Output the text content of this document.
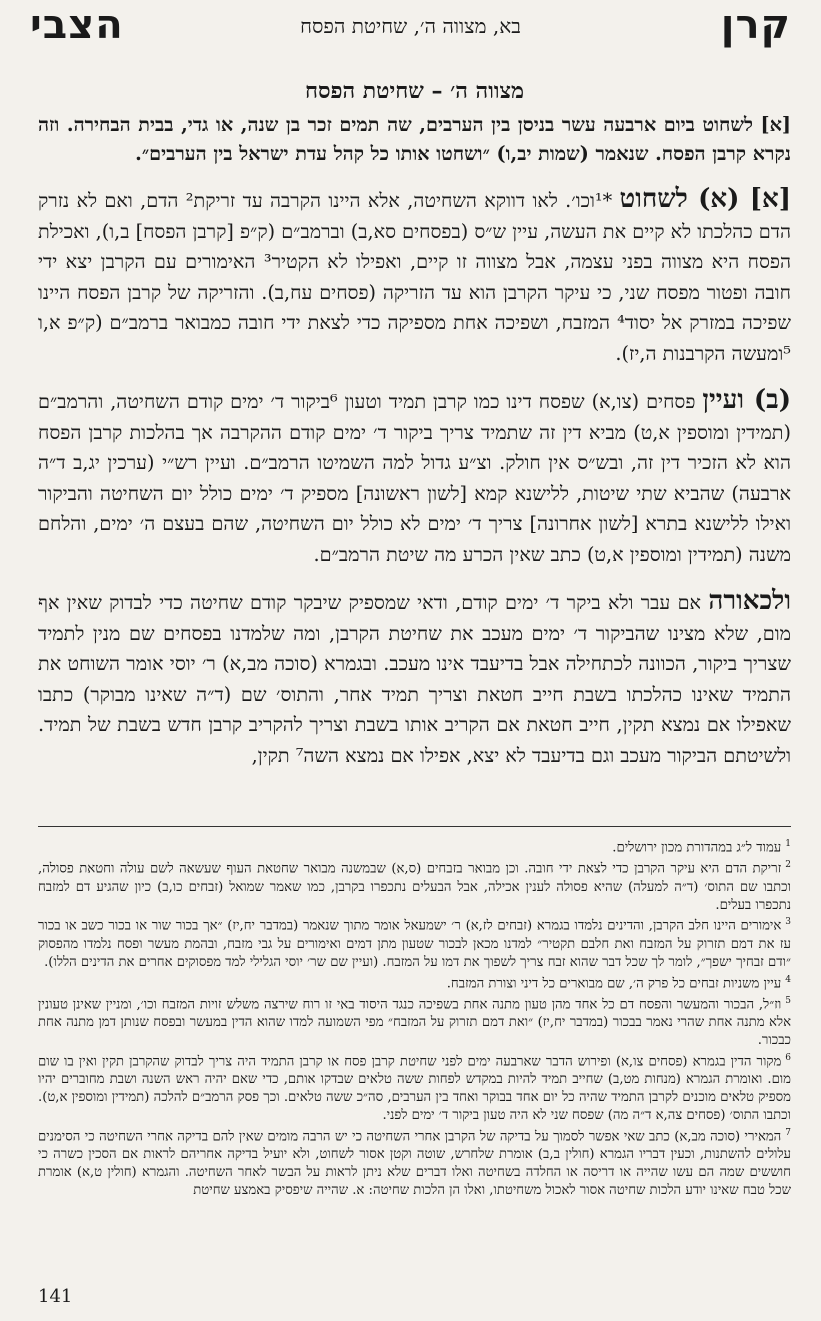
קרן
בא, מצווה ה׳, שחיטת הפסח
הצבי
מצווה ה׳ – שחיטת הפסח

[א] לשחוט ביום ארבעה עשר בניסן בין הערבים, שה תמים זכר בן שנה, או גדי, בבית הבחירה. וזה נקרא קרבן הפסח. שנאמר (שמות יב,ו) ״ושחטו אותו כל קהל עדת ישראל בין הערבים״.

[א] (א) לשחוט *¹וכו׳. לאו דווקא השחיטה, אלא היינו הקרבה עד זריקת² הדם, ואם לא נזרק הדם כהלכתו לא קיים את העשה, עיין ש״ס (בפסחים סא,ב) וברמב״ם (ק״פ [קרבן הפסח] ב,ו), ואכילת הפסח היא מצווה בפני עצמה, אבל מצווה זו קיים, ואפילו לא הקטיר³ האימורים עם הקרבן יצא ידי חובה ופטור מפסח שני, כי עיקר הקרבן הוא עד הזריקה (פסחים עח,ב). והזריקה של קרבן הפסח היינו שפיכה במזרק אל יסוד⁴ המזבח, ושפיכה אחת מספיקה כדי לצאת ידי חובה כמבואר ברמב״ם (ק״פ א,ו ⁵ומעשה הקרבנות ה,יז).

(ב) ועיין פסחים (צו,א) שפסח דינו כמו קרבן תמיד וטעון ⁶ביקור ד׳ ימים קודם השחיטה, והרמב״ם (תמידין ומוספין א,ט) מביא דין זה שתמיד צריך ביקור ד׳ ימים קודם ההקרבה אך בהלכות קרבן הפסח הוא לא הזכיר דין זה, ובש״ס אין חולק. וצ״ע גדול למה השמיטו הרמב״ם. ועיין רש״י (ערכין יג,ב ד״ה ארבעה) שהביא שתי שיטות, ללישנא קמא [לשון ראשונה] מספיק ד׳ ימים כולל יום השחיטה והביקור ואילו ללישנא בתרא [לשון אחרונה] צריך ד׳ ימים לא כולל יום השחיטה, שהם בעצם ה׳ ימים, והלחם משנה (תמידין ומוספין א,ט) כתב שאין הכרע מה שיטת הרמב״ם.

ולכאורה אם עבר ולא ביקר ד׳ ימים קודם, ודאי שמספיק שיבקר קודם שחיטה כדי לבדוק שאין אף מום, שלא מצינו שהביקור ד׳ ימים מעכב את שחיטת הקרבן, ומה שלמדנו בפסחים שם מנין לתמיד שצריך ביקור, הכוונה לכתחילה אבל בדיעבד אינו מעכב. ובגמרא (סוכה מב,א) ר׳ יוסי אומר השוחט את התמיד שאינו כהלכתו בשבת חייב חטאת וצריך תמיד אחר, והתוס׳ שם (ד״ה שאינו מבוקר) כתבו שאפילו אם נמצא תקין, חייב חטאת אם הקריב אותו בשבת וצריך להקריב קרבן חדש בשבת של תמיד. ולשיטתם הביקור מעכב וגם בדיעבד לא יצא, אפילו אם נמצא השה⁷ תקין,

$^1$עמוד ל״ג במהדורת מכון ירושלים.

$^2$זריקת הדם היא עיקר הקרבן כדי לצאת ידי חובה. וכן מבואר בזבחים (ס,א) שבמשנה מבואר שחטאת העוף שעשאה לשם עולה וחטאת פסולה, וכתבו שם התוס׳ (ד״ה למעלה) שהיא פסולה לענין אכילה, אבל הבעלים נתכפרו בקרבן, כמו שאמר שמואל (זבחים כו,ב) כיון שהגיע דם למזבח נתכפרו בעלים.

$^3$אימורים היינו חלב הקרבן, והדינים נלמדו בגמרא (זבחים לז,א) ר׳ ישמעאל אומר מתוך שנאמר (במדבר יח,יז) ״אך בכור שור או בכור כשב או בכור עז את דמם תזרוק על המזבח ואת חלבם תקטיר״ למדנו מכאן לבכור שטעון מתן דמים ואימורים על גבי מזבח, ובהמת מעשר ופסח נלמדו מהפסוק ״ודם זבחיך ישפך״, לומר לך שכל דבר שהוא זבח צריך לשפוך את דמו על המזבח. (ועיין שם שר׳ יוסי הגלילי למד מפסוקים אחרים את הדינים הללו).

$^4$עיין משניות זבחים כל פרק ה׳, שם מבוארים כל דיני וצורת המזבח.

$^5$וז״ל, הבכור והמעשר והפסח דם כל אחד מהן טעון מתנה אחת בשפיכה כנגד היסוד באי זו רוח שירצה משלש זויות המזבח וכו׳, ומניין שאינן טעונין אלא מתנה אחת שהרי נאמר בבכור (במדבר יח,יז) ״ואת דמם תזרוק על המזבח״ מפי השמועה למדו שהוא הדין במעשר ובפסח שנותן דמן מתנה אחת כבכור.

$^6$מקור הדין בגמרא (פסחים צו,א) ופירוש הדבר שארבעה ימים לפני שחיטת קרבן פסח או קרבן התמיד היה צריך לבדוק שהקרבן תקין ואין בו שום מום. ואומרת הגמרא (מנחות מט,ב) שחייב תמיד להיות במקדש לפחות ששה טלאים שבדקו אותם, כדי שאם יהיה ראש השנה ושבת מחוברים יהיו מספיק טלאים מוכנים לקרבן התמיד שהיה כל יום אחד בבוקר ואחד בין הערבים, סה״כ ששה טלאים. וכך פסק הרמב״ם להלכה (תמידין ומוספין א,ט). וכתבו התוס׳ (פסחים צה,א ד״ה מה) שפסח שני לא היה טעון ביקור ד׳ ימים לפני.

$^7$המאירי (סוכה מב,א) כתב שאי אפשר לסמוך על בדיקה של הקרבן אחרי השחיטה כי יש הרבה מומים שאין להם בדיקה אחרי השחיטה כי הסימנים עלולים להשתנות, וכעין דבריו הגמרא (חולין ב,ב) אומרת שלחרש, שוטה וקטן אסור לשחוט, ולא יועיל בדיקה אחריהם לראות אם הסכין כשרה כי חוששים שמה הם עשו שהייה או דריסה או החלדה בשחיטה ואלו דברים שלא ניתן לראות על הבשר לאחר השחיטה. והגמרא (חולין ט,א) אומרת שכל טבח שאינו יודע הלכות שחיטה אסור לאכול משחיטתו, ואלו הן הלכות שחיטה: א. שהייה שיפסיק באמצע שחיטת

141
